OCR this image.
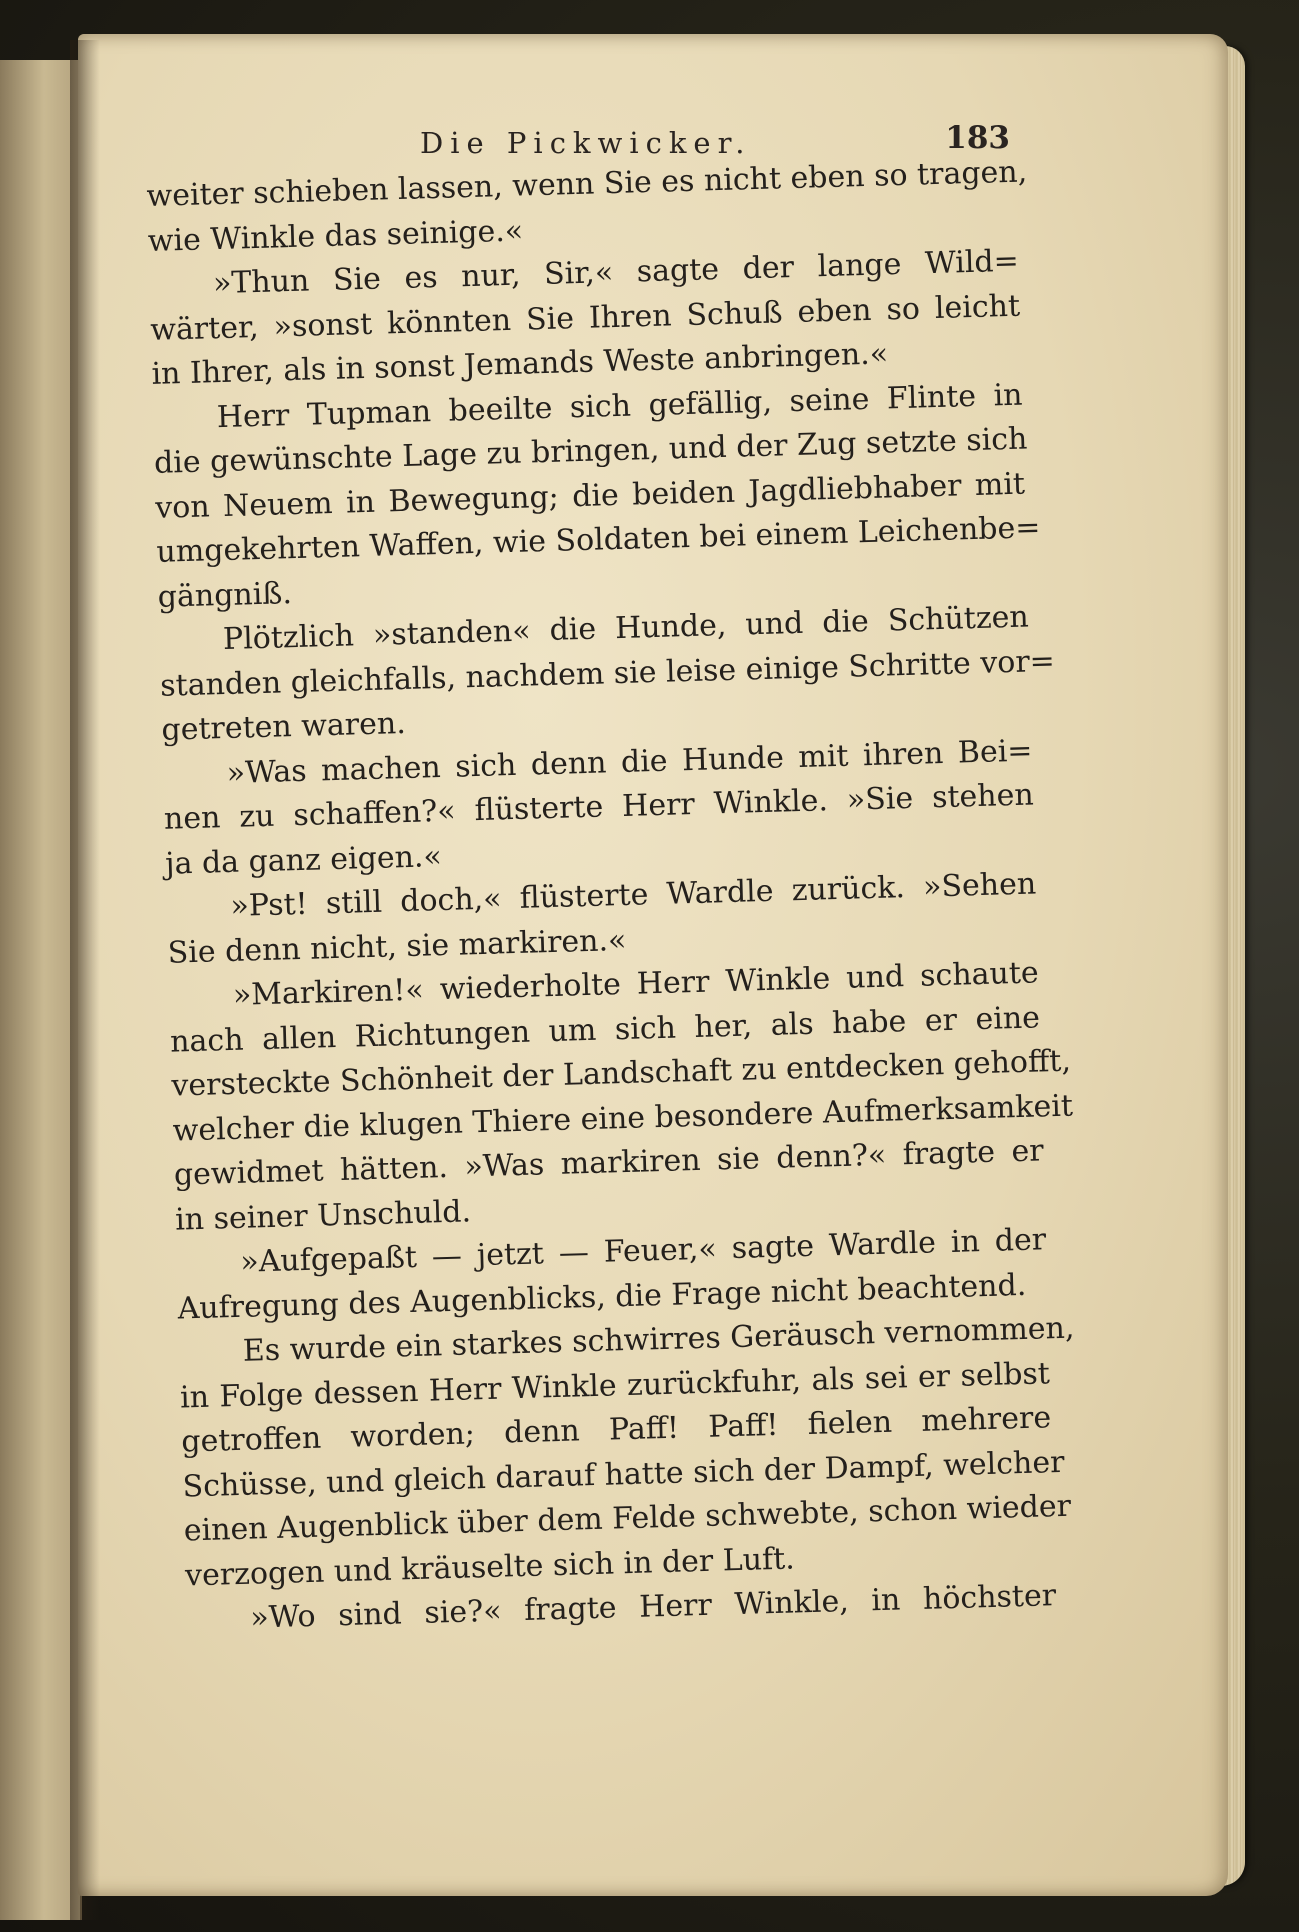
Die Pickwicker.	183
weiter schieben lassen, wenn Sie es nicht eben so tragen,
wie Winkle das seinige.«
»Thun Sie es nur, Sir,« sagte der lange Wild=
wärter, »sonst könnten Sie Ihren Schuß eben so leicht
in Ihrer, als in sonst Jemands Weste anbringen.«
Herr Tupman beeilte sich gefällig, seine Flinte in
die gewünschte Lage zu bringen, und der Zug setzte sich
von Neuem in Bewegung; die beiden Jagdliebhaber mit
umgekehrten Waffen, wie Soldaten bei einem Leichenbe=
gängniß.
Plötzlich »standen« die Hunde, und die Schützen
standen gleichfalls, nachdem sie leise einige Schritte vor=
getreten waren.
»Was machen sich denn die Hunde mit ihren Bei=
nen zu schaffen?« flüsterte Herr Winkle. »Sie stehen
ja da ganz eigen.«
»Pst! still doch,« flüsterte Wardle zurück. »Sehen
Sie denn nicht, sie markiren.«
»Markiren!« wiederholte Herr Winkle und schaute
nach allen Richtungen um sich her, als habe er eine
versteckte Schönheit der Landschaft zu entdecken gehofft,
welcher die klugen Thiere eine besondere Aufmerksamkeit
gewidmet hätten. »Was markiren sie denn?« fragte er
in seiner Unschuld.
»Aufgepaßt — jetzt — Feuer,« sagte Wardle in der
Aufregung des Augenblicks, die Frage nicht beachtend.
Es wurde ein starkes schwirres Geräusch vernommen,
in Folge dessen Herr Winkle zurückfuhr, als sei er selbst
getroffen worden; denn Paff! Paff! fielen mehrere
Schüsse, und gleich darauf hatte sich der Dampf, welcher
einen Augenblick über dem Felde schwebte, schon wieder
verzogen und kräuselte sich in der Luft.
»Wo sind sie?« fragte Herr Winkle, in höchster
